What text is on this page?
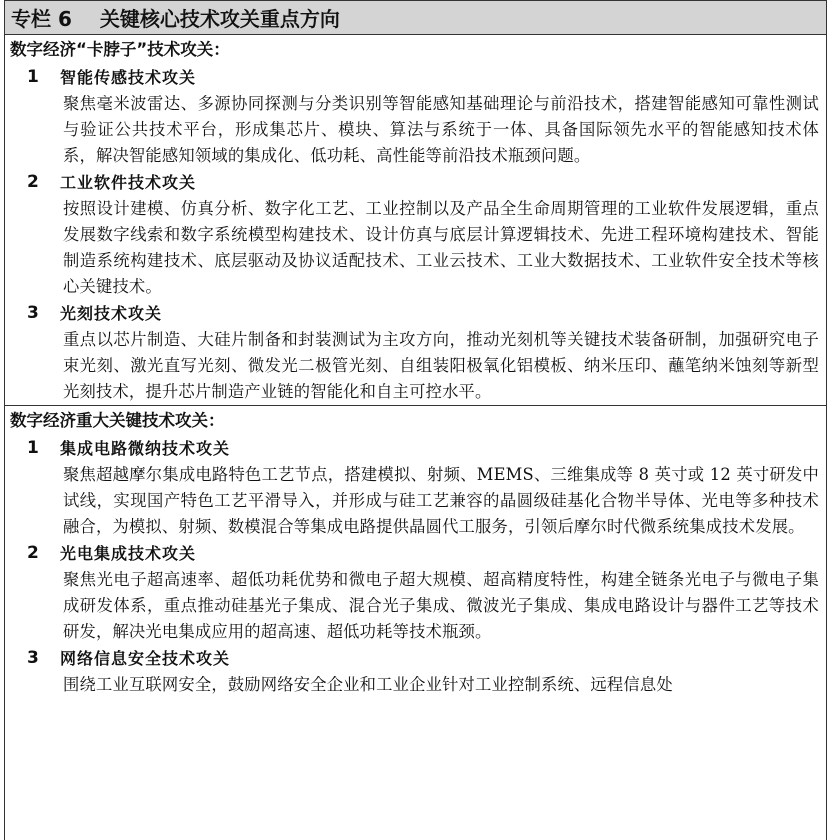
专栏 6 关键核心技术攻关重点方向
数字经济“卡脖子”技术攻关：
1	智能传感技术攻关
聚焦毫米波雷达、多源协同探测与分类识别等智能感知基础理论与前沿技术，搭建智能感知可靠性测试与验证公共技术平台，形成集芯片、模块、算法与系统于一体、具备国际领先水平的智能感知技术体系，解决智能感知领域的集成化、低功耗、高性能等前沿技术瓶颈问题。
2	工业软件技术攻关
按照设计建模、仿真分析、数字化工艺、工业控制以及产品全生命周期管理的工业软件发展逻辑，重点发展数字线索和数字系统模型构建技术、设计仿真与底层计算逻辑技术、先进工程环境构建技术、智能制造系统构建技术、底层驱动及协议适配技术、工业云技术、工业大数据技术、工业软件安全技术等核心关键技术。
3	光刻技术攻关
重点以芯片制造、大硅片制备和封装测试为主攻方向，推动光刻机等关键技术装备研制，加强研究电子束光刻、激光直写光刻、微发光二极管光刻、自组装阳极氧化铝模板、纳米压印、蘸笔纳米蚀刻等新型光刻技术，提升芯片制造产业链的智能化和自主可控水平。
数字经济重大关键技术攻关：
1	集成电路微纳技术攻关
聚焦超越摩尔集成电路特色工艺节点，搭建模拟、射频、MEMS、三维集成等 8 英寸或 12 英寸研发中试线，实现国产特色工艺平滑导入，并形成与硅工艺兼容的晶圆级硅基化合物半导体、光电等多种技术融合，为模拟、射频、数模混合等集成电路提供晶圆代工服务，引领后摩尔时代微系统集成技术发展。
2	光电集成技术攻关
聚焦光电子超高速率、超低功耗优势和微电子超大规模、超高精度特性，构建全链条光电子与微电子集成研发体系，重点推动硅基光子集成、混合光子集成、微波光子集成、集成电路设计与器件工艺等技术研发，解决光电集成应用的超高速、超低功耗等技术瓶颈。
3	网络信息安全技术攻关
围绕工业互联网安全，鼓励网络安全企业和工业企业针对工业控制系统、远程信息处
